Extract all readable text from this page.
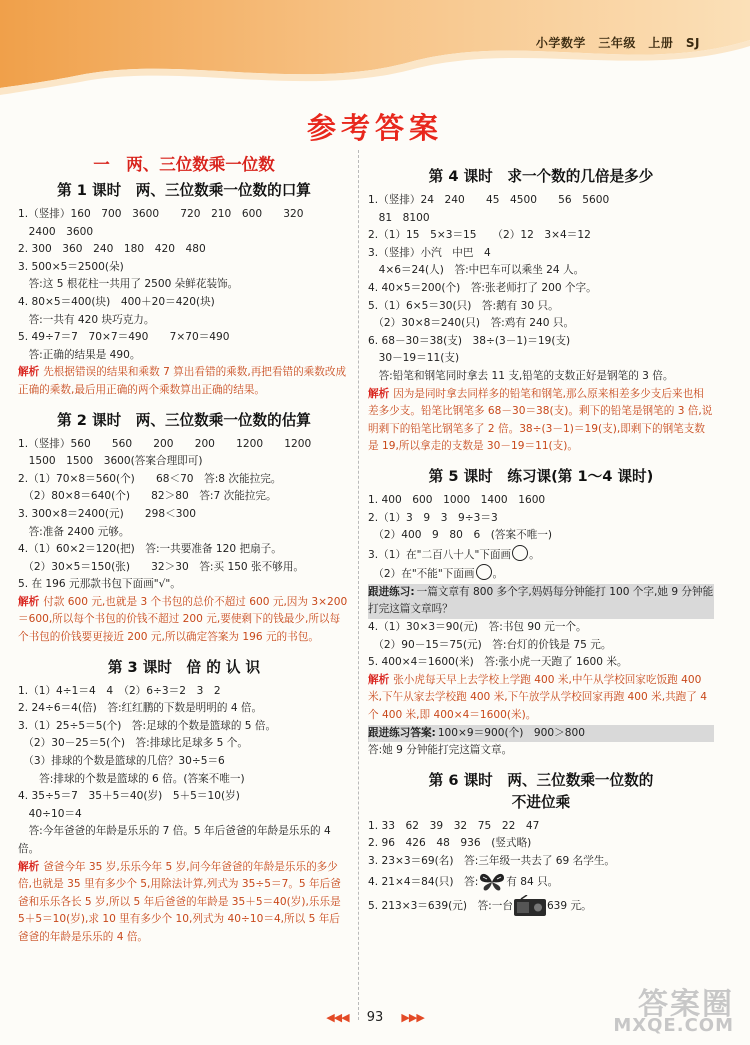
小学数学　三年级　上册　SJ
参考答案
一　两、三位数乘一位数
第 1 课时　两、三位数乘一位数的口算
1.（竖排）160　700　3600　　720　210　600　　320
　2400　3600
2. 300　360　240　180　420　480
3. 500×5＝2500(朵)
　答:这 5 根花柱一共用了 2500 朵鲜花装饰。
4. 80×5＝400(块)　400＋20＝420(块)
　答:一共有 420 块巧克力。
5. 49÷7＝7　70×7＝490　　7×70＝490
　答:正确的结果是 490。
解析 先根据错误的结果和乘数 7 算出看错的乘数,再把看错的乘数改成正确的乘数,最后用正确的两个乘数算出正确的结果。
第 2 课时　两、三位数乘一位数的估算
1.（竖排）560　　560　　200　　200　　1200　　1200
　1500　1500　3600(答案合理即可)
2.（1）70×8＝560(个)　　68＜70　答:8 次能拉完。
　（2）80×8＝640(个)　　82＞80　答:7 次能拉完。
3. 300×8＝2400(元)　　298＜300
　答:准备 2400 元够。
4.（1）60×2＝120(把)　答:一共要准备 120 把扇子。
　（2）30×5＝150(张)　　32＞30　答:买 150 张不够用。
5. 在 196 元那款书包下面画"√"。
解析 付款 600 元,也就是 3 个书包的总价不超过 600 元,因为 3×200＝600,所以每个书包的价钱不超过 200 元,要使剩下的钱最少,所以每个书包的价钱要更接近 200 元,所以确定答案为 196 元的书包。
第 3 课时　倍 的 认 识
1.（1）4÷1＝4　4　（2）6÷3＝2　3　2
2. 24÷6＝4(倍)　答:红红鹏的下数是明明的 4 倍。
3.（1）25÷5＝5(个)　答:足球的个数是篮球的 5 倍。
　（2）30－25＝5(个)　答:排球比足球多 5 个。
　（3）排球的个数是篮球的几倍？30÷5＝6
　　答:排球的个数是篮球的 6 倍。(答案不唯一)
4. 35÷5＝7　35＋5＝40(岁)　5＋5＝10(岁)
　40÷10＝4
　答:今年爸爸的年龄是乐乐的 7 倍。5 年后爸爸的年龄是乐乐的 4 倍。
解析 爸爸今年 35 岁,乐乐今年 5 岁,问今年爸爸的年龄是乐乐的多少倍,也就是 35 里有多少个 5,用除法计算,列式为 35÷5＝7。5 年后爸爸和乐乐各长 5 岁,所以 5 年后爸爸的年龄是 35＋5＝40(岁),乐乐是 5＋5＝10(岁),求 10 里有多少个 10,列式为 40÷10＝4,所以 5 年后爸爸的年龄是乐乐的 4 倍。
第 4 课时　求一个数的几倍是多少
1.（竖排）24　240　　45　4500　　56　5600
　81　8100
2.（1）15　5×3＝15　　（2）12　3×4＝12
3.（竖排）小汽　中巴　4
　4×6＝24(人)　答:中巴车可以乘坐 24 人。
4. 40×5＝200(个)　答:张老师打了 200 个字。
5.（1）6×5＝30(只)　答:鹅有 30 只。
　（2）30×8＝240(只)　答:鸡有 240 只。
6. 68－30＝38(支)　38÷(3－1)＝19(支)
　30－19＝11(支)
　答:铅笔和钢笔同时拿去 11 支,铅笔的支数正好是钢笔的 3 倍。
解析 因为是同时拿去同样多的铅笔和钢笔,那么原来相差多少支后来也相差多少支。铅笔比钢笔多 68－30＝38(支)。剩下的铅笔是钢笔的 3 倍,说明剩下的铅笔比钢笔多了 2 倍。38÷(3－1)＝19(支),即剩下的钢笔支数是 19,所以拿走的支数是 30－19＝11(支)。
第 5 课时　练习课(第 1～4 课时)
1. 400　600　1000　1400　1600
2.（1）3　9　3　9÷3＝3
　（2）400　9　80　6　(答案不唯一)
3.（1）在"二百八十人"下面画○。
　（2）在"不能"下面画○。
跟进练习: 一篇文章有 800 多个字,妈妈每分钟能打 100 个字,她 9 分钟能打完这篇文章吗？
4.（1）30×3＝90(元)　答:书包 90 元一个。
　（2）90－15＝75(元)　答:台灯的价钱是 75 元。
5. 400×4＝1600(米)　答:张小虎一天跑了 1600 米。
解析 张小虎每天早上去学校上学跑 400 米,中午从学校回家吃饭跑 400 米,下午从家去学校跑 400 米,下午放学从学校回家再跑 400 米,共跑了 4 个 400 米,即 400×4＝1600(米)。
跟进练习答案: 100×9＝900(个)　900＞800
答:她 9 分钟能打完这篇文章。
第 6 课时　两、三位数乘一位数的
不进位乘
1. 33　62　39　32　75　22　47
2. 96　426　48　936　(竖式略)
3. 23×3＝69(名)　答:三年级一共去了 69 名学生。
4. 21×4＝84(只)　答:	有 84 只。
5. 213×3＝639(元)　答:一台	639 元。
◀◀◀ 93 ▶▶▶	答案圈
MXQE.COM
